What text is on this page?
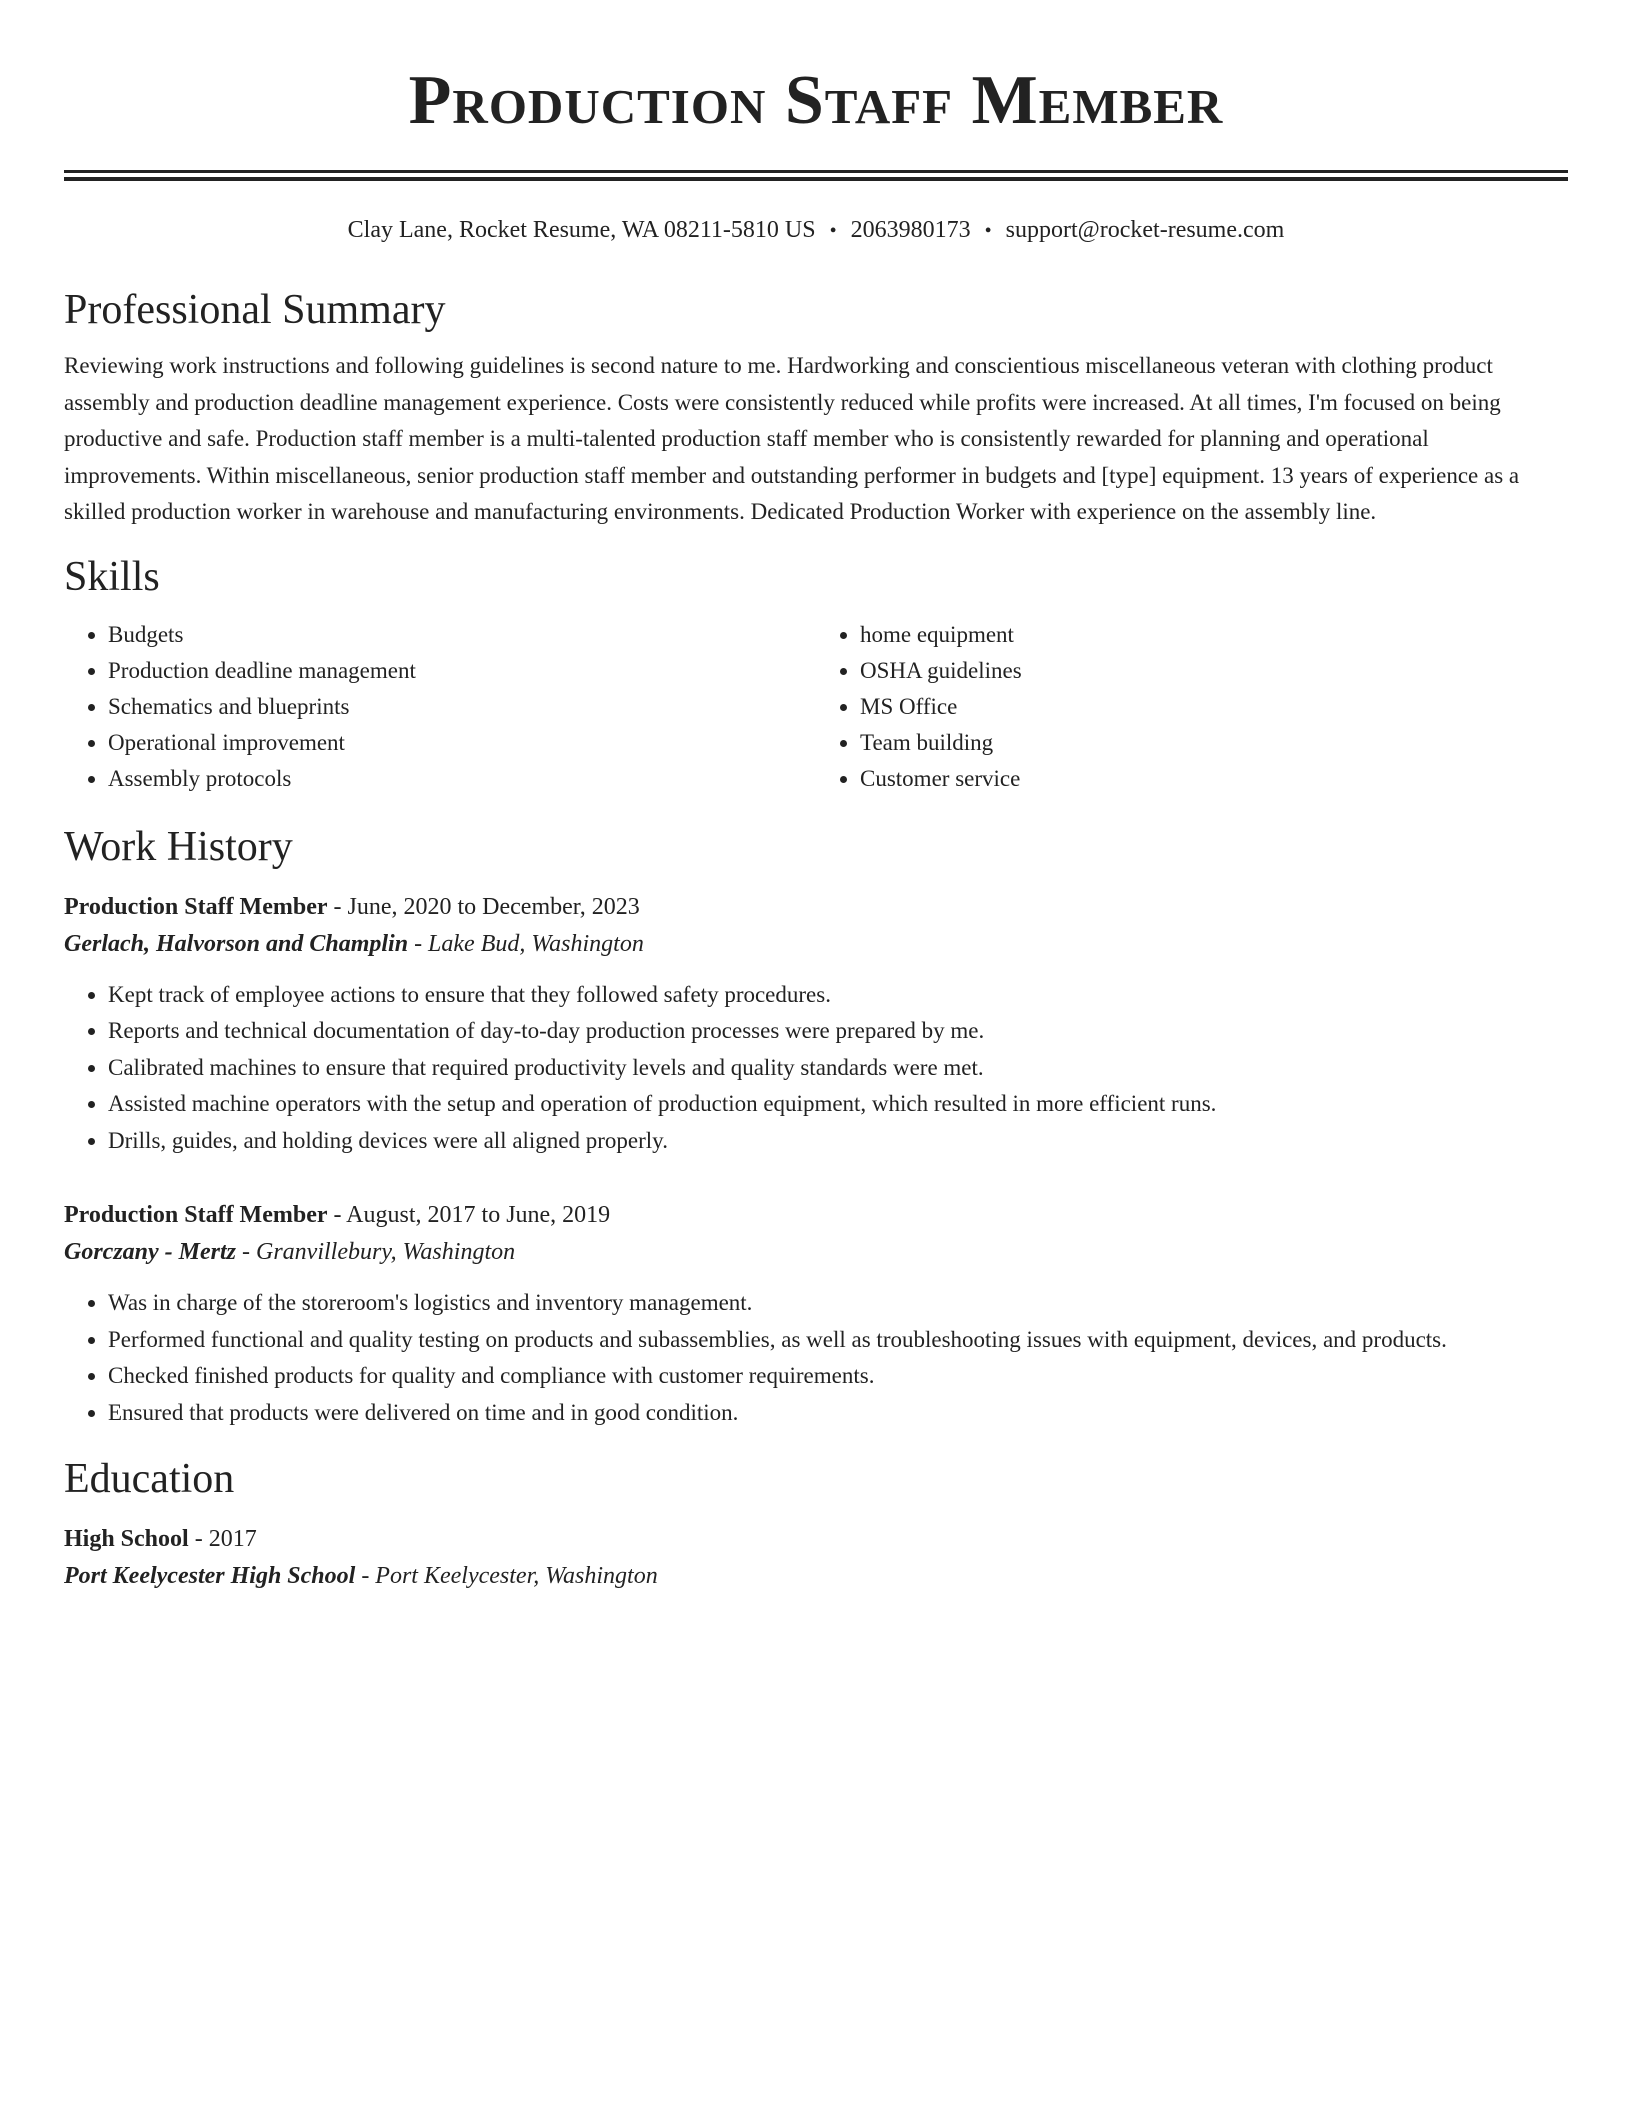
Production Staff Member
Clay Lane, Rocket Resume, WA 08211-5810 US • 2063980173 • support@rocket-resume.com
Professional Summary

Reviewing work instructions and following guidelines is second nature to me. Hardworking and conscientious miscellaneous veteran with clothing product assembly and production deadline management experience. Costs were consistently reduced while profits were increased. At all times, I'm focused on being productive and safe. Production staff member is a multi-talented production staff member who is consistently rewarded for planning and operational improvements. Within miscellaneous, senior production staff member and outstanding performer in budgets and [type] equipment. 13 years of experience as a skilled production worker in warehouse and manufacturing environments. Dedicated Production Worker with experience on the assembly line.

Skills
• Budgets
• Production deadline management
• Schematics and blueprints
• Operational improvement
• Assembly protocols
• home equipment
• OSHA guidelines
• MS Office
• Team building
• Customer service
Work History
Production Staff Member - June, 2020 to December, 2023
Gerlach, Halvorson and Champlin - Lake Bud, Washington
• Kept track of employee actions to ensure that they followed safety procedures.
• Reports and technical documentation of day-to-day production processes were prepared by me.
• Calibrated machines to ensure that required productivity levels and quality standards were met.
• Assisted machine operators with the setup and operation of production equipment, which resulted in more efficient runs.
• Drills, guides, and holding devices were all aligned properly.
Production Staff Member - August, 2017 to June, 2019
Gorczany - Mertz - Granvillebury, Washington
• Was in charge of the storeroom's logistics and inventory management.
• Performed functional and quality testing on products and subassemblies, as well as troubleshooting issues with equipment, devices, and products.
• Checked finished products for quality and compliance with customer requirements.
• Ensured that products were delivered on time and in good condition.
Education
High School - 2017
Port Keelycester High School - Port Keelycester, Washington
